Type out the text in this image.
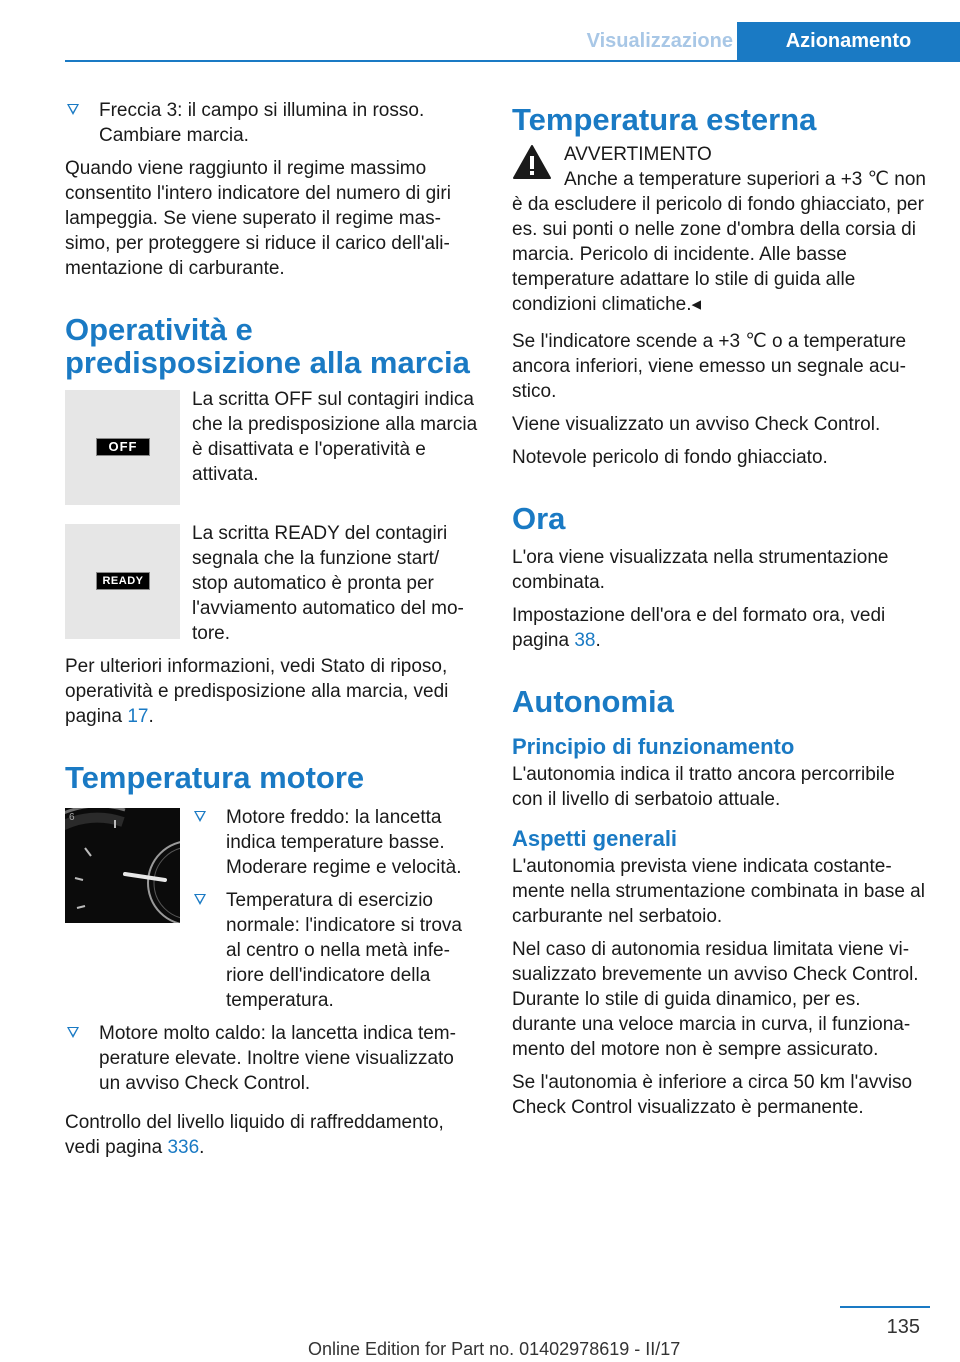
Visualizzazione	Azionamento
Freccia 3: il campo si illumina in rosso. Cambiare marcia.

Quando viene raggiunto il regime massimo consentito l'intero indicatore del numero di giri lampeggia. Se viene superato il regime massimo, per proteggere si riduce il carico dell'alimentazione di carburante.

Operatività e predisposizione alla marcia
OFF
La scritta OFF sul contagiri indica che la predisposizione alla marcia è disattivata e l'operatività e attivata.
READY
La scritta READY del contagiri segnala che la funzione start/ stop automatico è pronta per l'avviamento automatico del motore.

Per ulteriori informazioni, vedi Stato di riposo, operatività e predisposizione alla marcia, vedi pagina 17.

Temperatura motore
6	Motore freddo: la lancetta indica temperature basse. Moderare regime e velocità.
Temperatura di esercizio normale: l'indicatore si trova al centro o nella metà inferiore dell'indicatore della temperatura.
Motore molto caldo: la lancetta indica temperature elevate. Inoltre viene visualizzato un avviso Check Control.

Controllo del livello liquido di raffreddamento, vedi pagina 336.

Temperatura esterna

AVVERTIMENTO

Anche a temperature superiori a +3 ℃ non è da escludere il pericolo di fondo ghiacciato, per es. sui ponti o nelle zone d'ombra della corsia di marcia. Pericolo di incidente. Alle basse temperature adattare lo stile di guida alle condizioni climatiche.◂

Se l'indicatore scende a +3 ℃ o a temperature ancora inferiori, viene emesso un segnale acustico.

Viene visualizzato un avviso Check Control.

Notevole pericolo di fondo ghiacciato.

Ora

L'ora viene visualizzata nella strumentazione combinata.

Impostazione dell'ora e del formato ora, vedi pagina 38.

Autonomia
Principio di funzionamento

L'autonomia indica il tratto ancora percorribile con il livello di serbatoio attuale.

Aspetti generali

L'autonomia prevista viene indicata costantemente nella strumentazione combinata in base al carburante nel serbatoio.

Nel caso di autonomia residua limitata viene visualizzato brevemente un avviso Check Control. Durante lo stile di guida dinamico, per es. durante una veloce marcia in curva, il funzionamento del motore non è sempre assicurato.

Se l'autonomia è inferiore a circa 50 km l'avviso Check Control visualizzato è permanente.

135
Online Edition for Part no. 01402978619 - II/17
